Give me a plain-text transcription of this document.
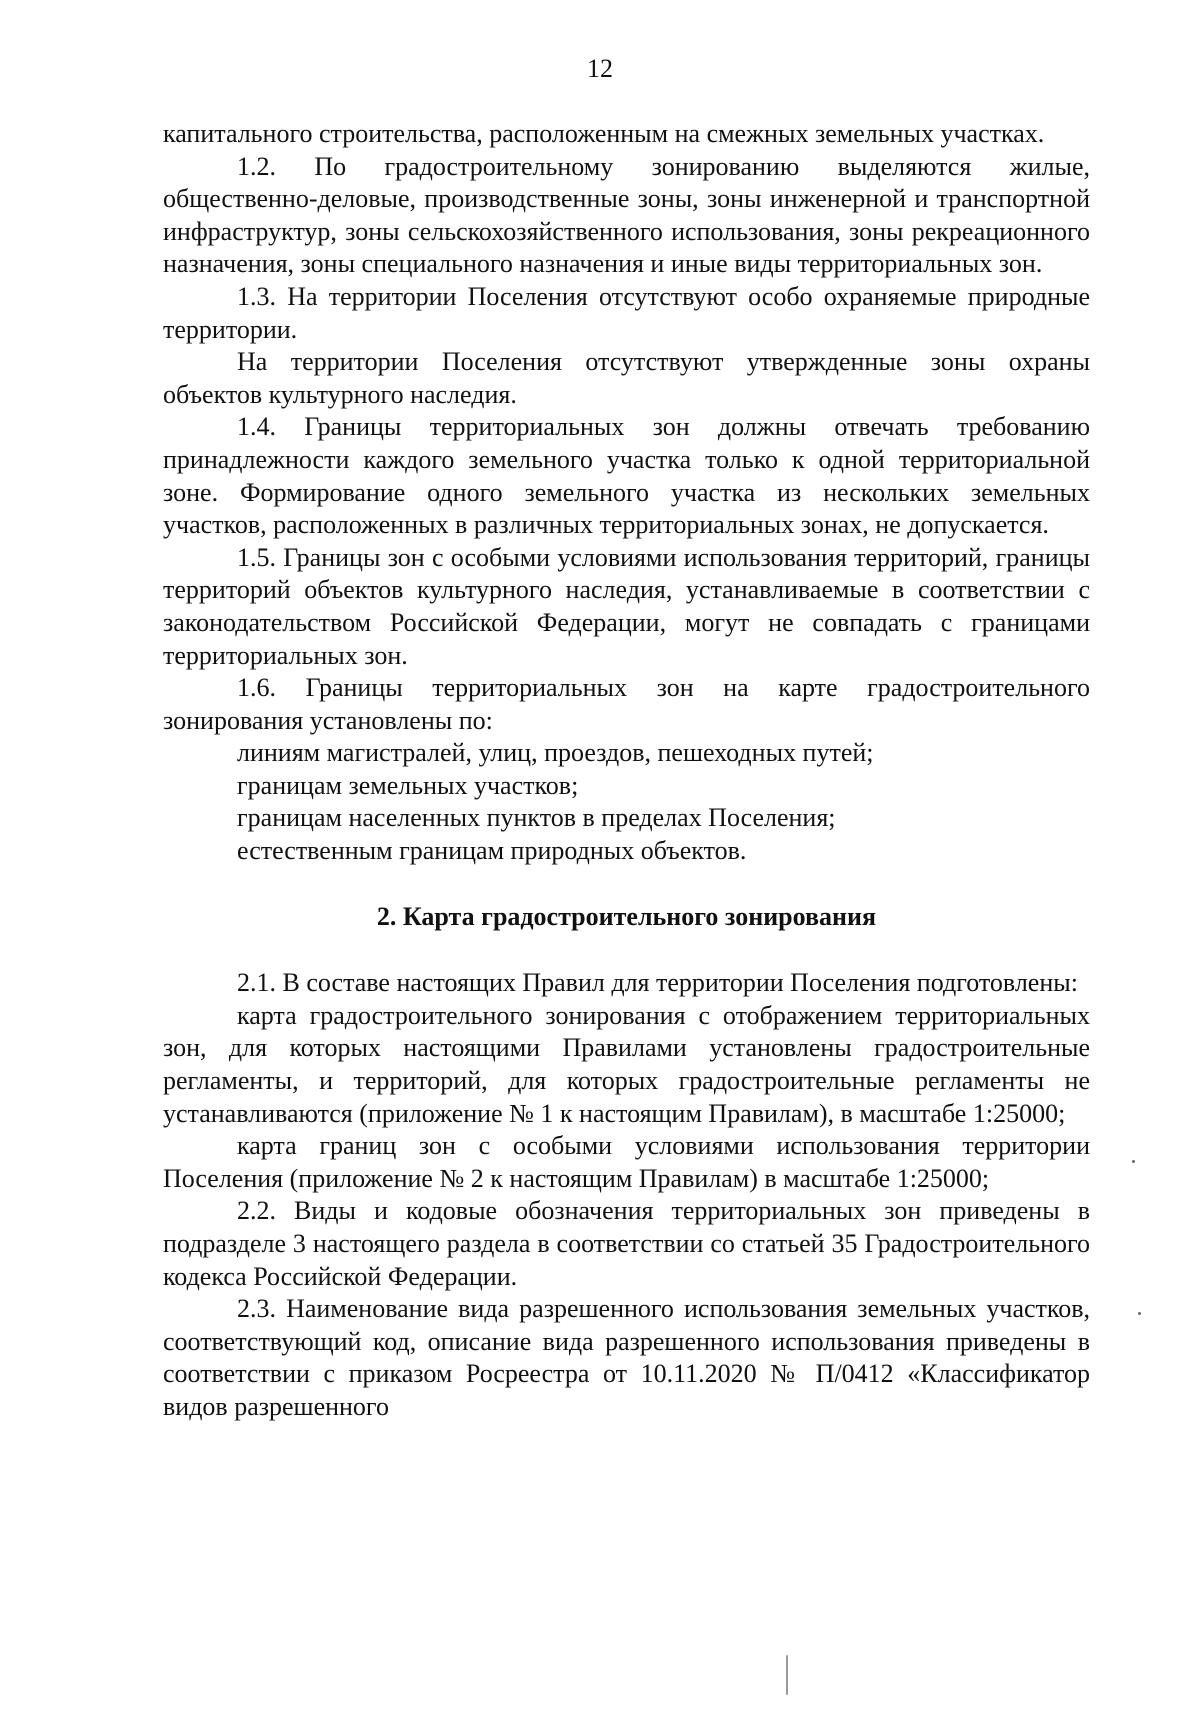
12

капитального строительства, расположенным на смежных земельных участках.

1.2. По градостроительному зонированию выделяются жилые, общественно-деловые, производственные зоны, зоны инженерной и транспортной инфраструктур, зоны сельскохозяйственного использования, зоны рекреационного назначения, зоны специального назначения и иные виды территориальных зон.

1.3. На территории Поселения отсутствуют особо охраняемые природные территории.

На территории Поселения отсутствуют утвержденные зоны охраны объектов культурного наследия.

1.4. Границы территориальных зон должны отвечать требованию принадлежности каждого земельного участка только к одной территориальной зоне. Формирование одного земельного участка из нескольких земельных участков, расположенных в различных территориальных зонах, не допускается.

1.5. Границы зон с особыми условиями использования территорий, границы территорий объектов культурного наследия, устанавливаемые в соответствии с законодательством Российской Федерации, могут не совпадать с границами территориальных зон.

1.6. Границы территориальных зон на карте градостроительного зонирования установлены по:

линиям магистралей, улиц, проездов, пешеходных путей;

границам земельных участков;

границам населенных пунктов в пределах Поселения;

естественным границам природных объектов.

2. Карта градостроительного зонирования

2.1. В составе настоящих Правил для территории Поселения подготовлены:

карта градостроительного зонирования с отображением территориальных зон, для которых настоящими Правилами установлены градостроительные регламенты, и территорий, для которых градостроительные регламенты не устанавливаются (приложение № 1 к настоящим Правилам), в масштабе 1:25000;

карта границ зон с особыми условиями использования территории Поселения (приложение № 2 к настоящим Правилам) в масштабе 1:25000;

2.2. Виды и кодовые обозначения территориальных зон приведены в подразделе 3 настоящего раздела в соответствии со статьей 35 Градостроительного кодекса Российской Федерации.

2.3. Наименование вида разрешенного использования земельных участков, соответствующий код, описание вида разрешенного использования приведены в соответствии с приказом Росреестра от 10.11.2020 № П/0412 «Классификатор видов разрешенного
